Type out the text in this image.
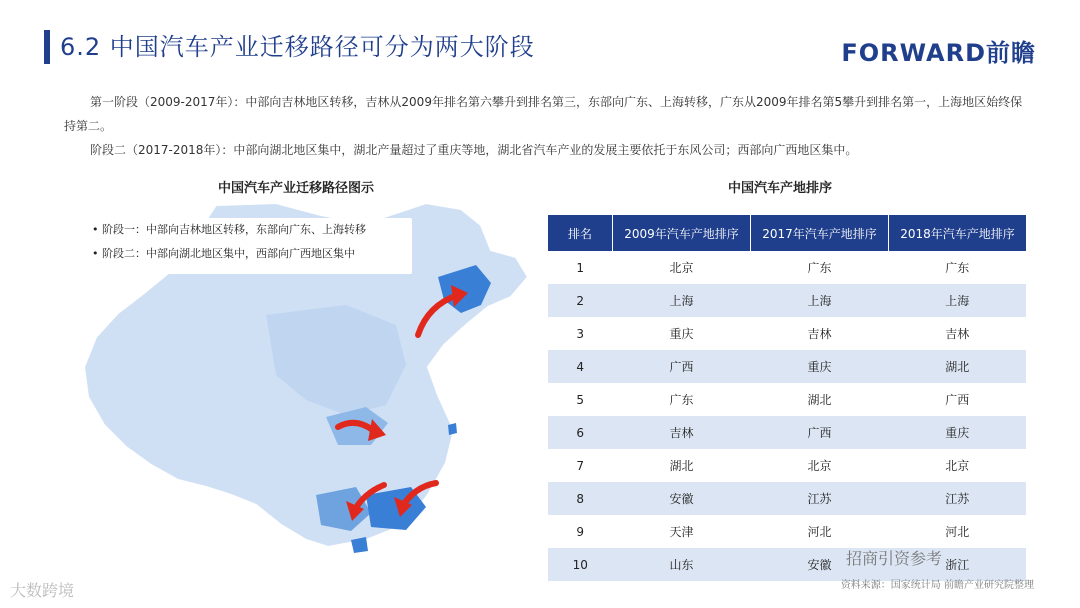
6.2 中国汽车产业迁移路径可分为两大阶段	FORWARD前瞻
第一阶段（2009-2017年）：中部向吉林地区转移，吉林从2009年排名第六攀升到排名第三，东部向广东、上海转移，广东从2009年排名第5攀升到排名第一，上海地区始终保持第二。
阶段二（2017-2018年）：中部向湖北地区集中，湖北产量超过了重庆等地，湖北省汽车产业的发展主要依托于东风公司；西部向广西地区集中。
中国汽车产业迁移路径图示	中国汽车产地排序
• 阶段一：中部向吉林地区转移，东部向广东、上海转移
• 阶段二：中部向湖北地区集中，西部向广西地区集中
排名	2009年汽车产地排序	2017年汽车产地排序	2018年汽车产地排序
1	北京	广东	广东
2	上海	上海	上海
3	重庆	吉林	吉林
4	广西	重庆	湖北
5	广东	湖北	广西
6	吉林	广西	重庆
7	湖北	北京	北京
8	安徽	江苏	江苏
9	天津	河北	河北
10	山东	安徽	浙江
大数跨境
招商引资参考
资料来源：国家统计局 前瞻产业研究院整理
